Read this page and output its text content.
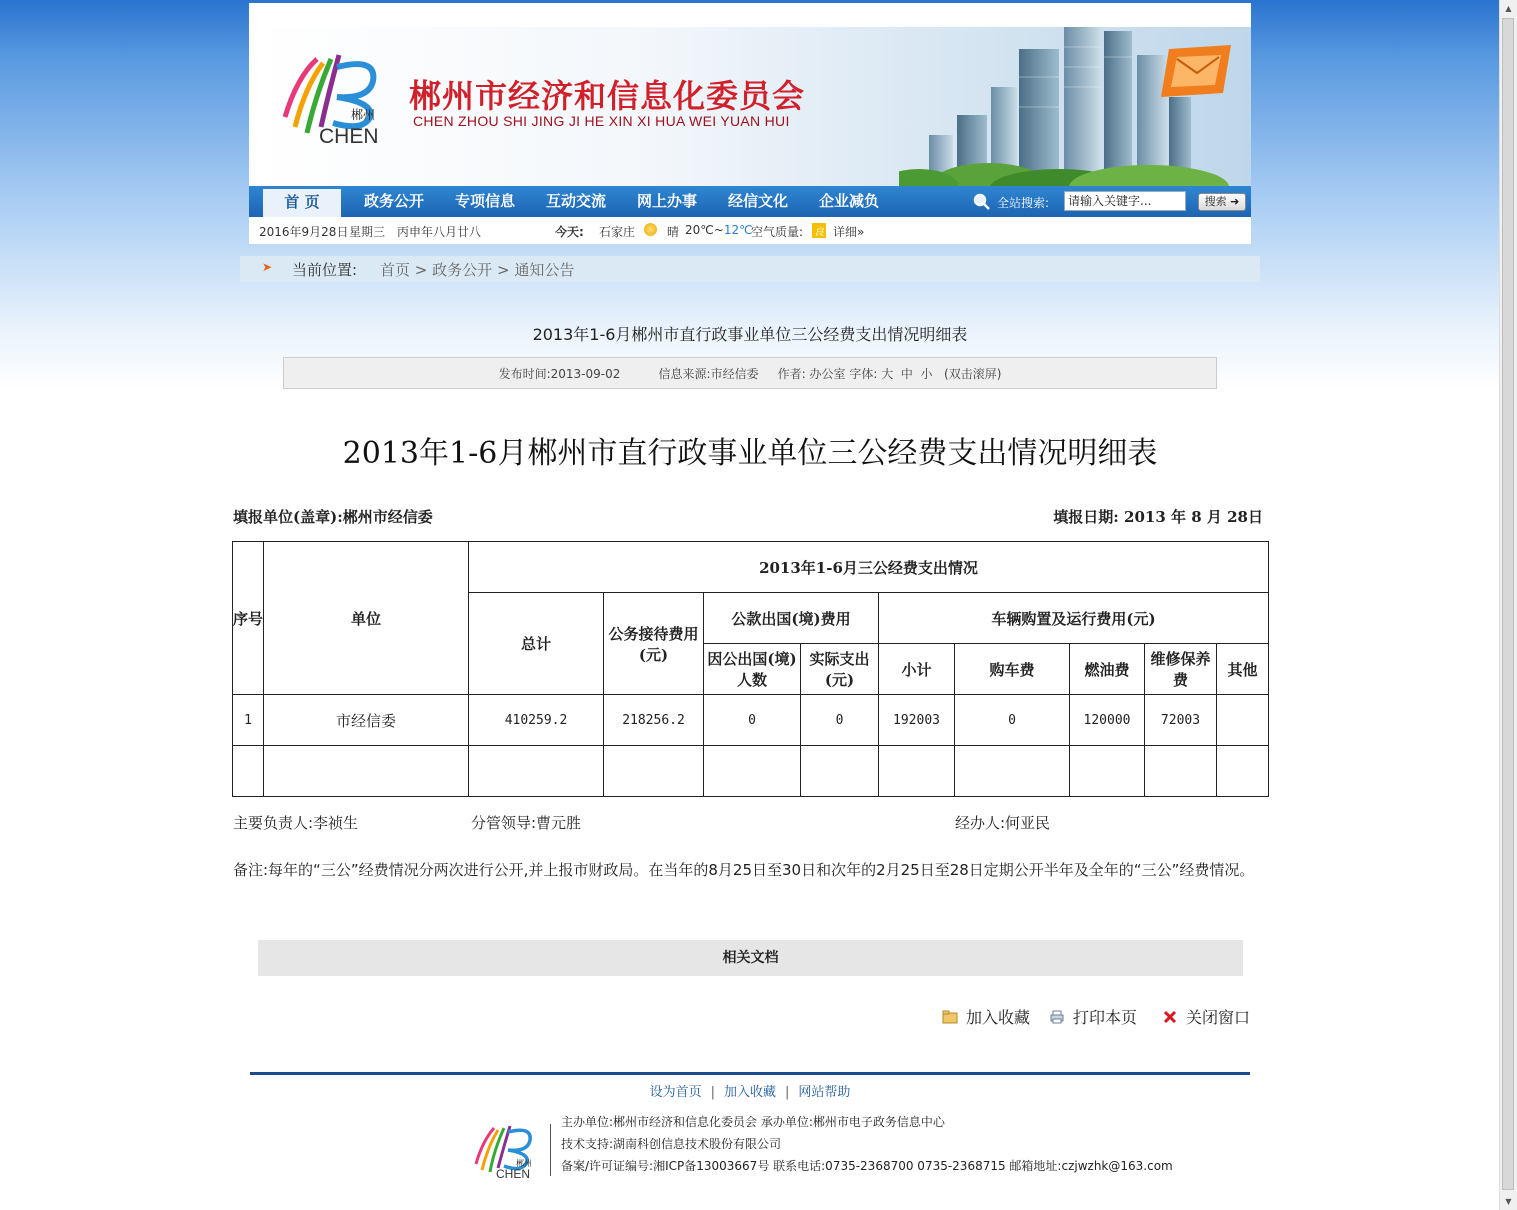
▲
▼
郴州
CHEN
郴州市经济和信息化委员会
CHEN ZHOU SHI JING JI HE XIN XI HUA WEI YUAN HUI
首 页	政务公开	专项信息	互动交流	网上办事	经信文化	企业减负	全站搜索:	请输入关键字...	搜索 ➜
2016年9月28日 星期三 丙申年八月廿八	今天: 石家庄	晴 20℃~12℃
空气质量: 良 详细»
➤ 当前位置: 首页 > 政务公开 > 通知公告
2013年1-6月郴州市直行政事业单位三公经费支出情况明细表
发布时间:2013-09-02	信息来源:市经信委 作者: 办公室 字体: 大 中 小 (双击滚屏)
2013年1-6月郴州市直行政事业单位三公经费支出情况明细表
填报单位(盖章):郴州市经信委	填报日期: 2013 年 8 月 28日
序号	单位	2013年1-6月三公经费支出情况								
		总计	公务接待费用(元)	公款出国(境)费用		车辆购置及运行费用(元)				
				因公出国(境)人数	实际支出(元)	小计	购车费	燃油费	维修保养费	其他
1	市经信委	410259.2	218256.2	0	0	192003	0	120000	72003	

主要负责人:李祯生	分管领导:曹元胜	经办人:何亚民
备注:每年的“三公”经费情况分两次进行公开,并上报市财政局。在当年的8月25日至30日和次年的2月25日至28日定期公开半年及全年的“三公”经费情况。
相关文档
加入收藏	打印本页	关闭窗口
设为首页 | 加入收藏 | 网站帮助
郴州
CHEN
主办单位:郴州市经济和信息化委员会 承办单位:郴州市电子政务信息中心
技术支持:湖南科创信息技术股份有限公司
备案/许可证编号:湘ICP备13003667号 联系电话:0735-2368700 0735-2368715 邮箱地址:czjwzhk@163.com
